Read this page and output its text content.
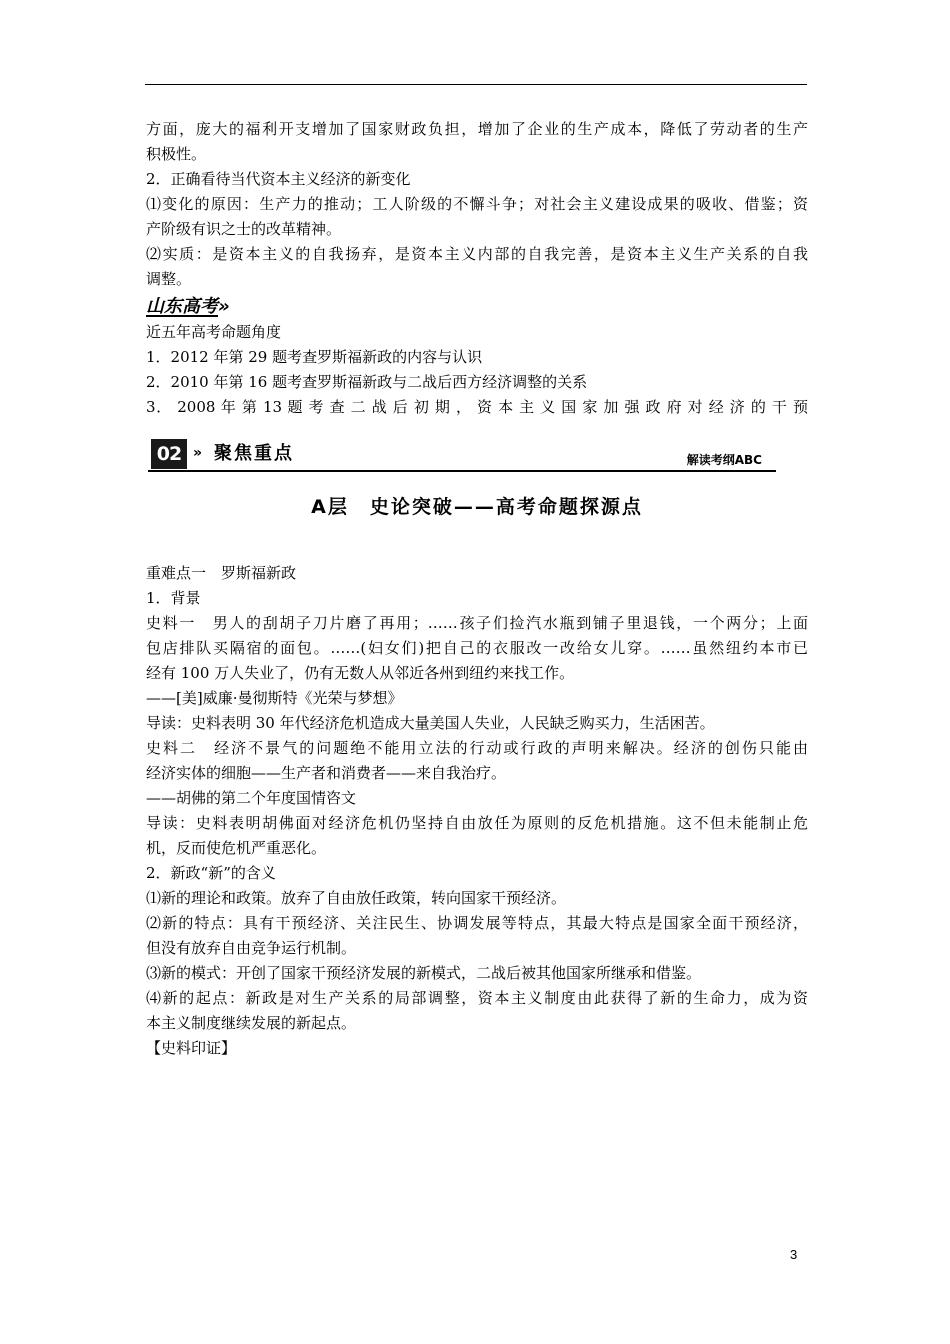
方面，庞大的福利开支增加了国家财政负担，增加了企业的生产成本，降低了劳动者的生产
积极性。
2．正确看待当代资本主义经济的新变化
⑴变化的原因：生产力的推动；工人阶级的不懈斗争；对社会主义建设成果的吸收、借鉴；资
产阶级有识之士的改革精神。
⑵实质：是资本主义的自我扬弃，是资本主义内部的自我完善，是资本主义生产关系的自我
调整。
山东高考»
近五年高考命题角度
1．2012 年第 29 题考查罗斯福新政的内容与认识
2．2010 年第 16 题考查罗斯福新政与二战后西方经济调整的关系
3． 2008 年 第 13 题 考 查 二 战 后 初 期 ， 资 本 主 义 国 家 加 强 政 府 对 经 济 的 干 预
02 » 聚焦重点	解读考纲ABC
A层　史论突破——高考命题探源点
重难点一　罗斯福新政
1．背景
史料一　男人的刮胡子刀片磨了再用；……孩子们捡汽水瓶到铺子里退钱，一个两分；上面
包店排队买隔宿的面包。……(妇女们)把自己的衣服改一改给女儿穿。……虽然纽约本市已
经有 100 万人失业了，仍有无数人从邻近各州到纽约来找工作。
——[美]威廉·曼彻斯特《光荣与梦想》
导读：史料表明 30 年代经济危机造成大量美国人失业，人民缺乏购买力，生活困苦。
史料二　经济不景气的问题绝不能用立法的行动或行政的声明来解决。经济的创伤只能由
经济实体的细胞——生产者和消费者——来自我治疗。
——胡佛的第二个年度国情咨文
导读：史料表明胡佛面对经济危机仍坚持自由放任为原则的反危机措施。这不但未能制止危
机，反而使危机严重恶化。
2．新政“新”的含义
⑴新的理论和政策。放弃了自由放任政策，转向国家干预经济。
⑵新的特点：具有干预经济、关注民生、协调发展等特点，其最大特点是国家全面干预经济，
但没有放弃自由竞争运行机制。
⑶新的模式：开创了国家干预经济发展的新模式，二战后被其他国家所继承和借鉴。
⑷新的起点：新政是对生产关系的局部调整，资本主义制度由此获得了新的生命力，成为资
本主义制度继续发展的新起点。
【史料印证】
3
